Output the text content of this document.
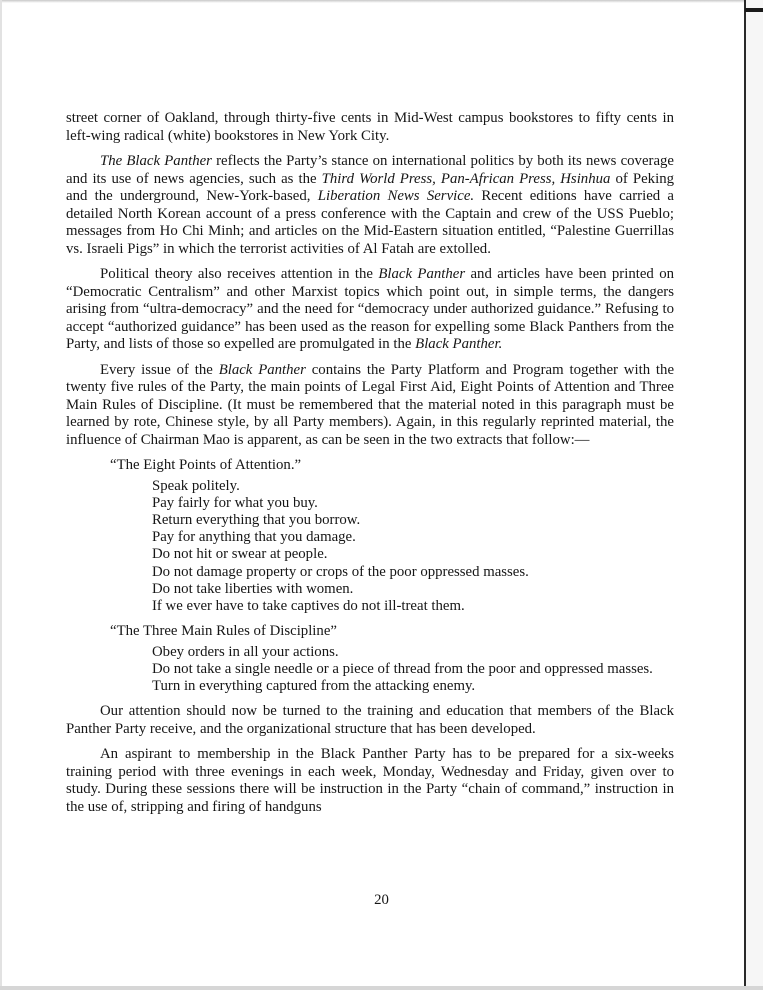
street corner of Oakland, through thirty-five cents in Mid-West campus bookstores to fifty cents in left-wing radical (white) bookstores in New York City.

The Black Panther reflects the Party’s stance on international politics by both its news coverage and its use of news agencies, such as the Third World Press, Pan-African Press, Hsinhua of Peking and the underground, New-York-based, Liberation News Service. Recent editions have carried a detailed North Korean account of a press conference with the Captain and crew of the USS Pueblo; messages from Ho Chi Minh; and articles on the Mid-Eastern situation entitled, “Palestine Guerrillas vs. Israeli Pigs” in which the terrorist activities of Al Fatah are extolled.

Political theory also receives attention in the Black Panther and articles have been printed on “Democratic Centralism” and other Marxist topics which point out, in simple terms, the dangers arising from “ultra-democracy” and the need for “democracy under authorized guidance.” Refusing to accept “authorized guidance” has been used as the reason for expelling some Black Panthers from the Party, and lists of those so expelled are promulgated in the Black Panther.

Every issue of the Black Panther contains the Party Platform and Program together with the twenty five rules of the Party, the main points of Legal First Aid, Eight Points of Attention and Three Main Rules of Discipline. (It must be remembered that the material noted in this paragraph must be learned by rote, Chinese style, by all Party members). Again, in this regularly reprinted material, the influence of Chairman Mao is apparent, as can be seen in the two extracts that follow:—

“The Eight Points of Attention.”
Speak politely.
Pay fairly for what you buy.
Return everything that you borrow.
Pay for anything that you damage.
Do not hit or swear at people.
Do not damage property or crops of the poor oppressed masses.
Do not take liberties with women.
If we ever have to take captives do not ill-treat them.
“The Three Main Rules of Discipline”
Obey orders in all your actions.
Do not take a single needle or a piece of thread from the poor and oppressed masses.
Turn in everything captured from the attacking enemy.

Our attention should now be turned to the training and education that members of the Black Panther Party receive, and the organizational structure that has been developed.

An aspirant to membership in the Black Panther Party has to be prepared for a six-weeks training period with three evenings in each week, Monday, Wednesday and Friday, given over to study. During these sessions there will be instruction in the Party “chain of command,” instruction in the use of, stripping and firing of handguns

20
